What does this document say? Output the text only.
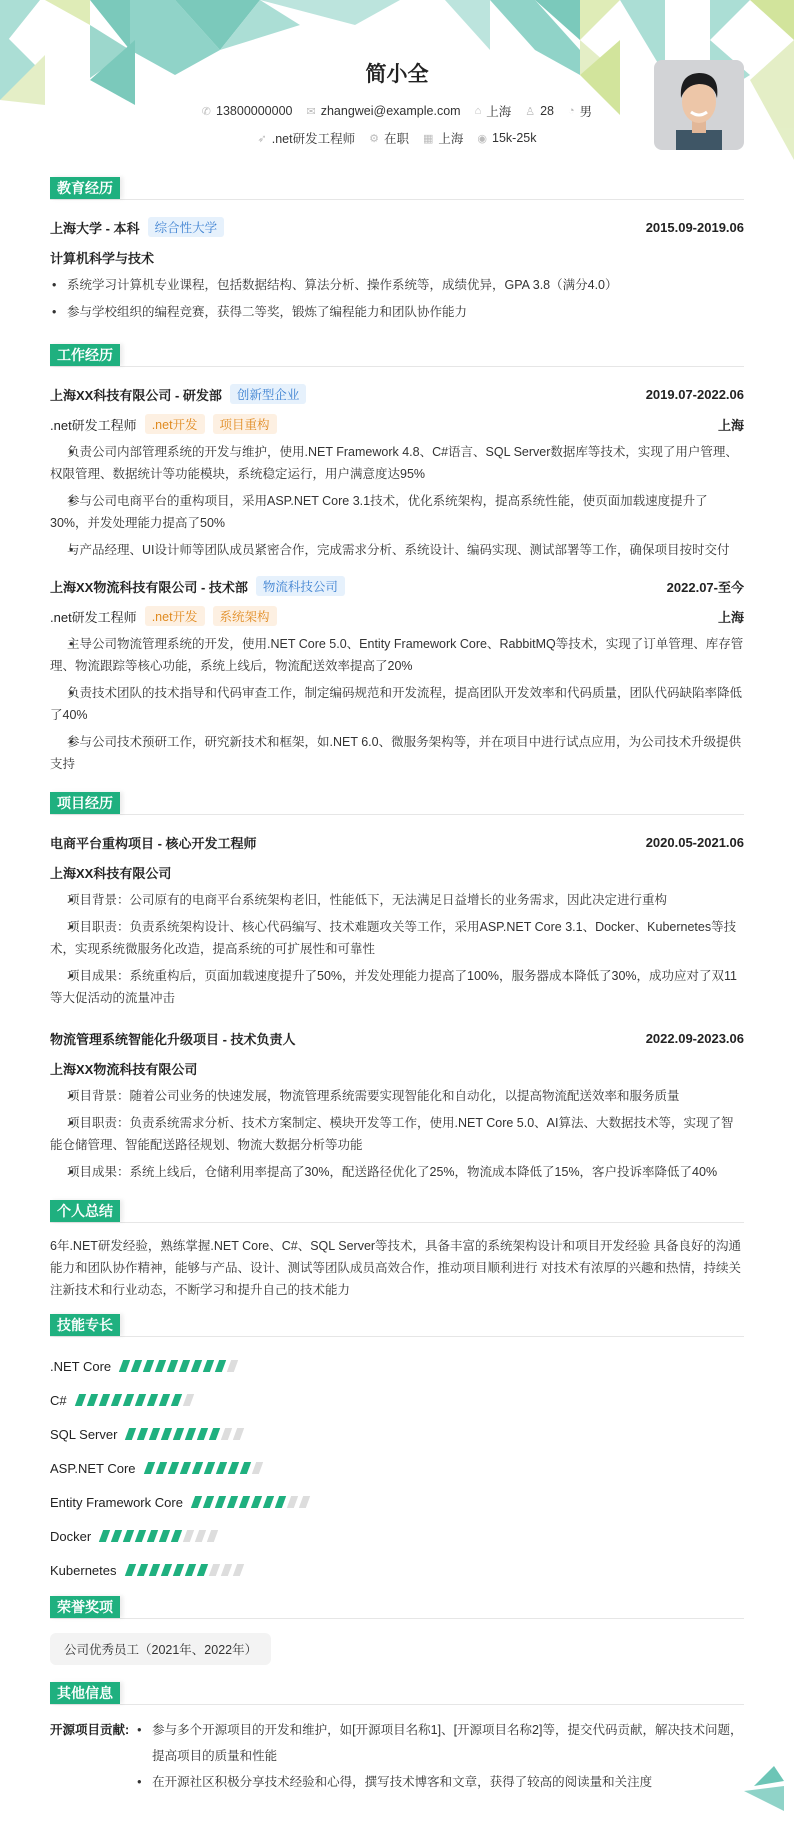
简小全
✆ 13800000000 ✉ zhangwei@example.com ⌂ 上海 ♙ 28 ◔ 男
➶ .net研发工程师 ⚙ 在职 ▦ 上海 ◉ 15k-25k
教育经历
上海大学 - 本科	综合性大学	2015.09-2019.06
计算机科学与技术
• 系统学习计算机专业课程，包括数据结构、算法分析、操作系统等，成绩优异，GPA 3.8（满分4.0）
• 参与学校组织的编程竞赛，获得二等奖，锻炼了编程能力和团队协作能力
工作经历
上海XX科技有限公司 - 研发部	创新型企业	2019.07-2022.06
.net研发工程师	.net开发	项目重构	上海
• 负责公司内部管理系统的开发与维护，使用.NET Framework 4.8、C#语言、SQL Server数据库等技术，实现了用户管理、权限管理、数据统计等功能模块，系统稳定运行，用户满意度达95%
• 参与公司电商平台的重构项目，采用ASP.NET Core 3.1技术，优化系统架构，提高系统性能，使页面加载速度提升了30%，并发处理能力提高了50%
• 与产品经理、UI设计师等团队成员紧密合作，完成需求分析、系统设计、编码实现、测试部署等工作，确保项目按时交付
上海XX物流科技有限公司 - 技术部	物流科技公司	2022.07-至今
.net研发工程师	.net开发	系统架构	上海
• 主导公司物流管理系统的开发，使用.NET Core 5.0、Entity Framework Core、RabbitMQ等技术，实现了订单管理、库存管理、物流跟踪等核心功能，系统上线后，物流配送效率提高了20%
• 负责技术团队的技术指导和代码审查工作，制定编码规范和开发流程，提高团队开发效率和代码质量，团队代码缺陷率降低了40%
• 参与公司技术预研工作，研究新技术和框架，如.NET 6.0、微服务架构等，并在项目中进行试点应用，为公司技术升级提供支持
项目经历
电商平台重构项目 - 核心开发工程师	2020.05-2021.06
上海XX科技有限公司
• 项目背景：公司原有的电商平台系统架构老旧，性能低下，无法满足日益增长的业务需求，因此决定进行重构
• 项目职责：负责系统架构设计、核心代码编写、技术难题攻关等工作，采用ASP.NET Core 3.1、Docker、Kubernetes等技术，实现系统微服务化改造，提高系统的可扩展性和可靠性
• 项目成果：系统重构后，页面加载速度提升了50%，并发处理能力提高了100%，服务器成本降低了30%，成功应对了双11等大促活动的流量冲击
物流管理系统智能化升级项目 - 技术负责人	2022.09-2023.06
上海XX物流科技有限公司
• 项目背景：随着公司业务的快速发展，物流管理系统需要实现智能化和自动化，以提高物流配送效率和服务质量
• 项目职责：负责系统需求分析、技术方案制定、模块开发等工作，使用.NET Core 5.0、AI算法、大数据技术等，实现了智能仓储管理、智能配送路径规划、物流大数据分析等功能
• 项目成果：系统上线后，仓储利用率提高了30%，配送路径优化了25%，物流成本降低了15%，客户投诉率降低了40%
个人总结

6年.NET研发经验，熟练掌握.NET Core、C#、SQL Server等技术，具备丰富的系统架构设计和项目开发经验 具备良好的沟通能力和团队协作精神，能够与产品、设计、测试等团队成员高效合作，推动项目顺利进行 对技术有浓厚的兴趣和热情，持续关注新技术和行业动态，不断学习和提升自己的技术能力

技能专长
.NET Core
C#
SQL Server
ASP.NET Core
Entity Framework Core
Docker
Kubernetes
荣誉奖项
公司优秀员工（2021年、2022年）
其他信息
开源项目贡献:	• 参与多个开源项目的开发和维护，如[开源项目名称1]、[开源项目名称2]等，提交代码贡献，解决技术问题，提高项目的质量和性能
• 在开源社区积极分享技术经验和心得，撰写技术博客和文章，获得了较高的阅读量和关注度
